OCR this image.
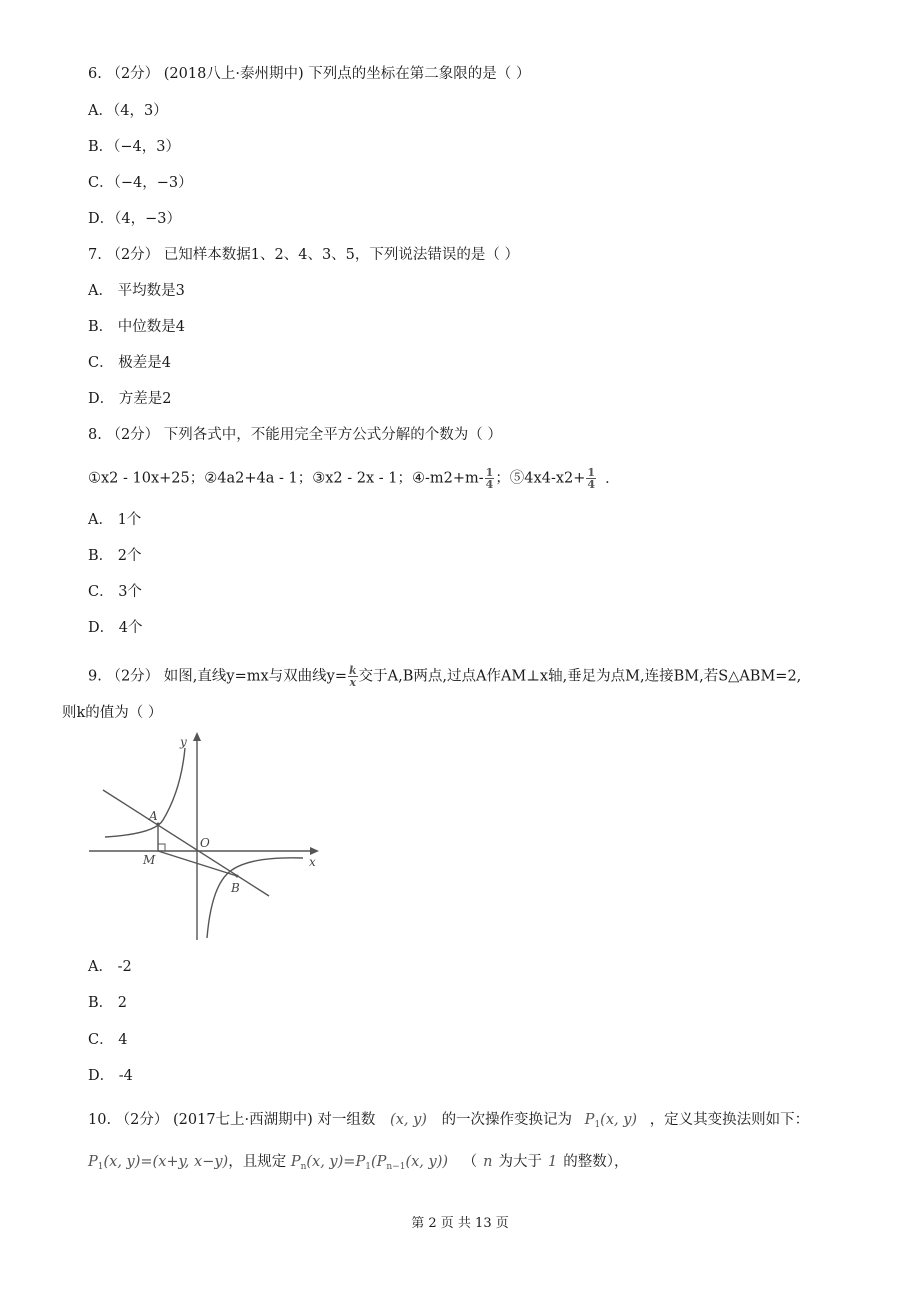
6. （2分） (2018八上·泰州期中) 下列点的坐标在第二象限的是（ ）
A．（4，3）
B．（−4，3）
C．（−4，−3）
D．（4，−3）
7. （2分） 已知样本数据1、2、4、3、5，下列说法错误的是（ ）
A． 平均数是3
B． 中位数是4
C． 极差是4
D． 方差是2
8. （2分） 下列各式中，不能用完全平方公式分解的个数为（ ）
①x2 - 10x+25；②4a2+4a - 1；③x2 - 2x - 1；④-m2+m- $\frac{1}{4}$ ；⑤4x4-x2+ $\frac{1}{4}$ ．
A． 1个
B． 2个
C． 3个
D． 4个
9. （2分） 如图,直线y=mx与双曲线$y= \frac{k}{x}$ 交于A,B两点,过点A作AM⊥x轴,垂足为点M,连接BM,若S△ABM=2,
则k的值为（ ）
y
x
A
O
M
B
A． -2
B． 2
C． 4
D． -4
10. （2分） (2017七上·西湖期中) 对一组数 (x, y) 的一次操作变换记为 $P_1(x$, y) ，定义其变换法则如下：
$P_1(x$, y)=(x+y, x−y)，且规定 $P_n(x$, $y)=P_1(P_{n-1}(x$, y)) （ n 为大于 1 的整数），
第 2 页 共 13 页
